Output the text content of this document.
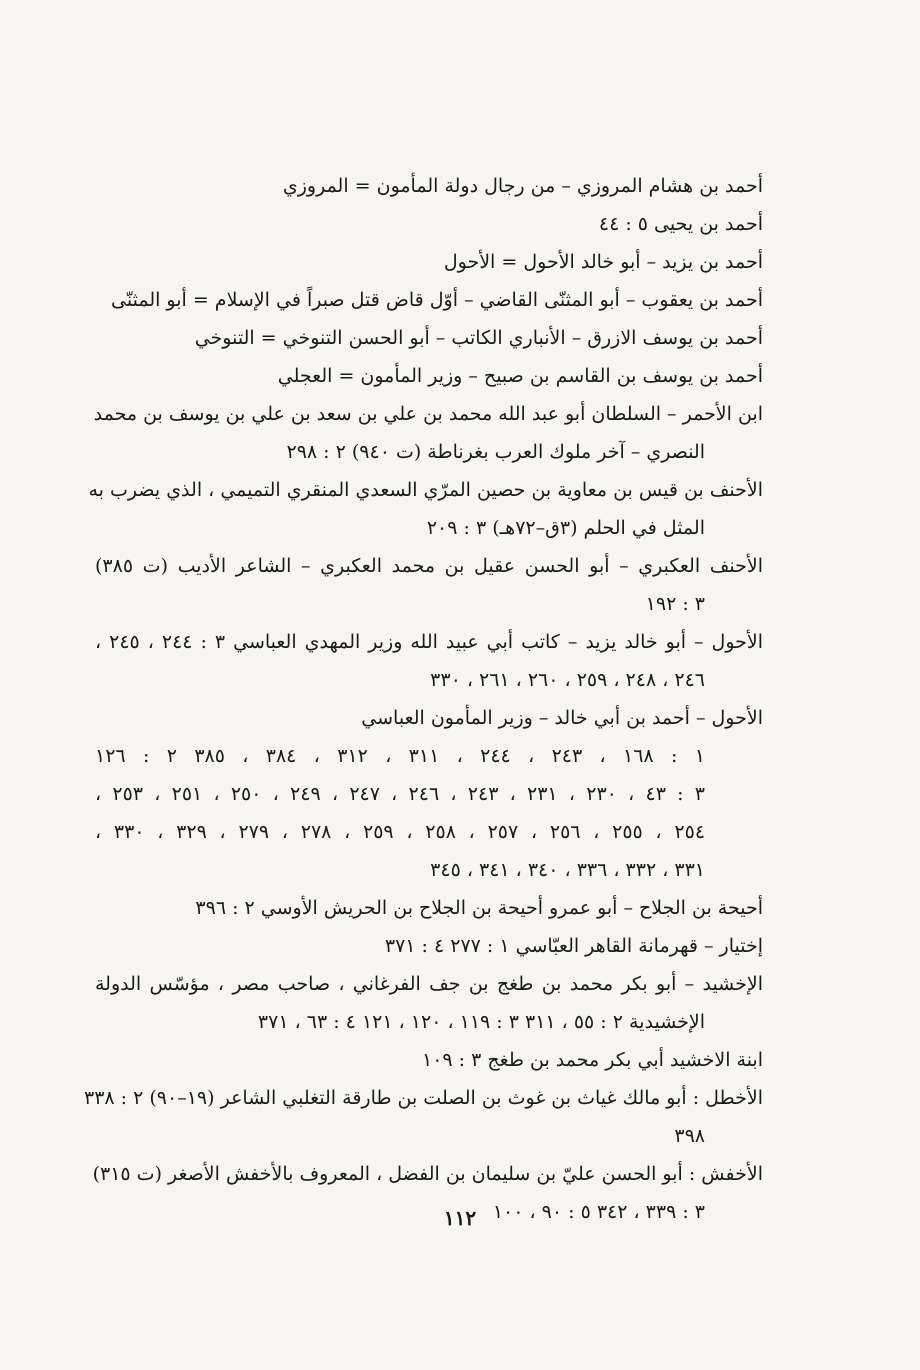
أحمد بن هشام المروزي – من رجال دولة المأمون = المروزي
أحمد بن يحيى ٥ : ٤٤
أحمد بن يزيد – أبو خالد الأحول = الأحول
أحمد بن يعقوب – أبو المثنّى القاضي – أوّل قاض قتل صبراً في الإسلام = أبو المثنّى
أحمد بن يوسف الازرق – الأنباري الكاتب – أبو الحسن التنوخي = التنوخي
أحمد بن يوسف بن القاسم بن صبيح – وزير المأمون = العجلي
ابن الأحمر – السلطان أبو عبد الله محمد بن علي بن سعد بن علي بن يوسف بن محمد
النصري – آخر ملوك العرب بغرناطة (ت ٩٤٠) ٢ : ٢٩٨
الأحنف بن قيس بن معاوية بن حصين المرّي السعدي المنقري التميمي ، الذي يضرب به
المثل في الحلم (٣ق–٧٢هـ) ٣ : ٢٠٩
الأحنف العكبري – أبو الحسن عقيل بن محمد العكبري – الشاعر الأديب (ت ٣٨٥)
٣ : ١٩٢
الأحول – أبو خالد يزيد – كاتب أبي عبيد الله وزير المهدي العباسي ٣ : ٢٤٤ ، ٢٤٥ ،
٢٤٦ ، ٢٤٨ ، ٢٥٩ ، ٢٦٠ ، ٢٦١ ، ٣٣٠
الأحول – أحمد بن أبي خالد – وزير المأمون العباسي
١ : ١٦٨ ، ٢٤٣ ، ٢٤٤ ، ٣١١ ، ٣١٢ ، ٣٨٤ ، ٣٨٥ ٢ : ١٢٦
٣ : ٤٣ ، ٢٣٠ ، ٢٣١ ، ٢٤٣ ، ٢٤٦ ، ٢٤٧ ، ٢٤٩ ، ٢٥٠ ، ٢٥١ ، ٢٥٣ ،
٢٥٤ ، ٢٥٥ ، ٢٥٦ ، ٢٥٧ ، ٢٥٨ ، ٢٥٩ ، ٢٧٨ ، ٢٧٩ ، ٣٢٩ ، ٣٣٠ ،
٣٣١ ، ٣٣٢ ، ٣٣٦ ، ٣٤٠ ، ٣٤١ ، ٣٤٥
أحيحة بن الجلاح – أبو عمرو أحيحة بن الجلاح بن الحريش الأوسي ٢ : ٣٩٦
إختيار – قهرمانة القاهر العبّاسي ١ : ٢٧٧ ٤ : ٣٧١
الإخشيد – أبو بكر محمد بن طغج بن جف الفرغاني ، صاحب مصر ، مؤسّس الدولة
الإخشيدية ٢ : ٥٥ ، ٣١١ ٣ : ١١٩ ، ١٢٠ ، ١٢١ ٤ : ٦٣ ، ٣٧١
ابنة الاخشيد أبي بكر محمد بن طغج ٣ : ١٠٩
الأخطل : أبو مالك غياث بن غوث بن الصلت بن طارقة التغلبي الشاعر (١٩–٩٠) ٢ : ٣٣٨
٣٩٨
الأخفش : أبو الحسن عليّ بن سليمان بن الفضل ، المعروف بالأخفش الأصغر (ت ٣١٥)
٣ : ٣٣٩ ، ٣٤٢ ٥ : ٩٠ ، ١٠٠
١١٢
